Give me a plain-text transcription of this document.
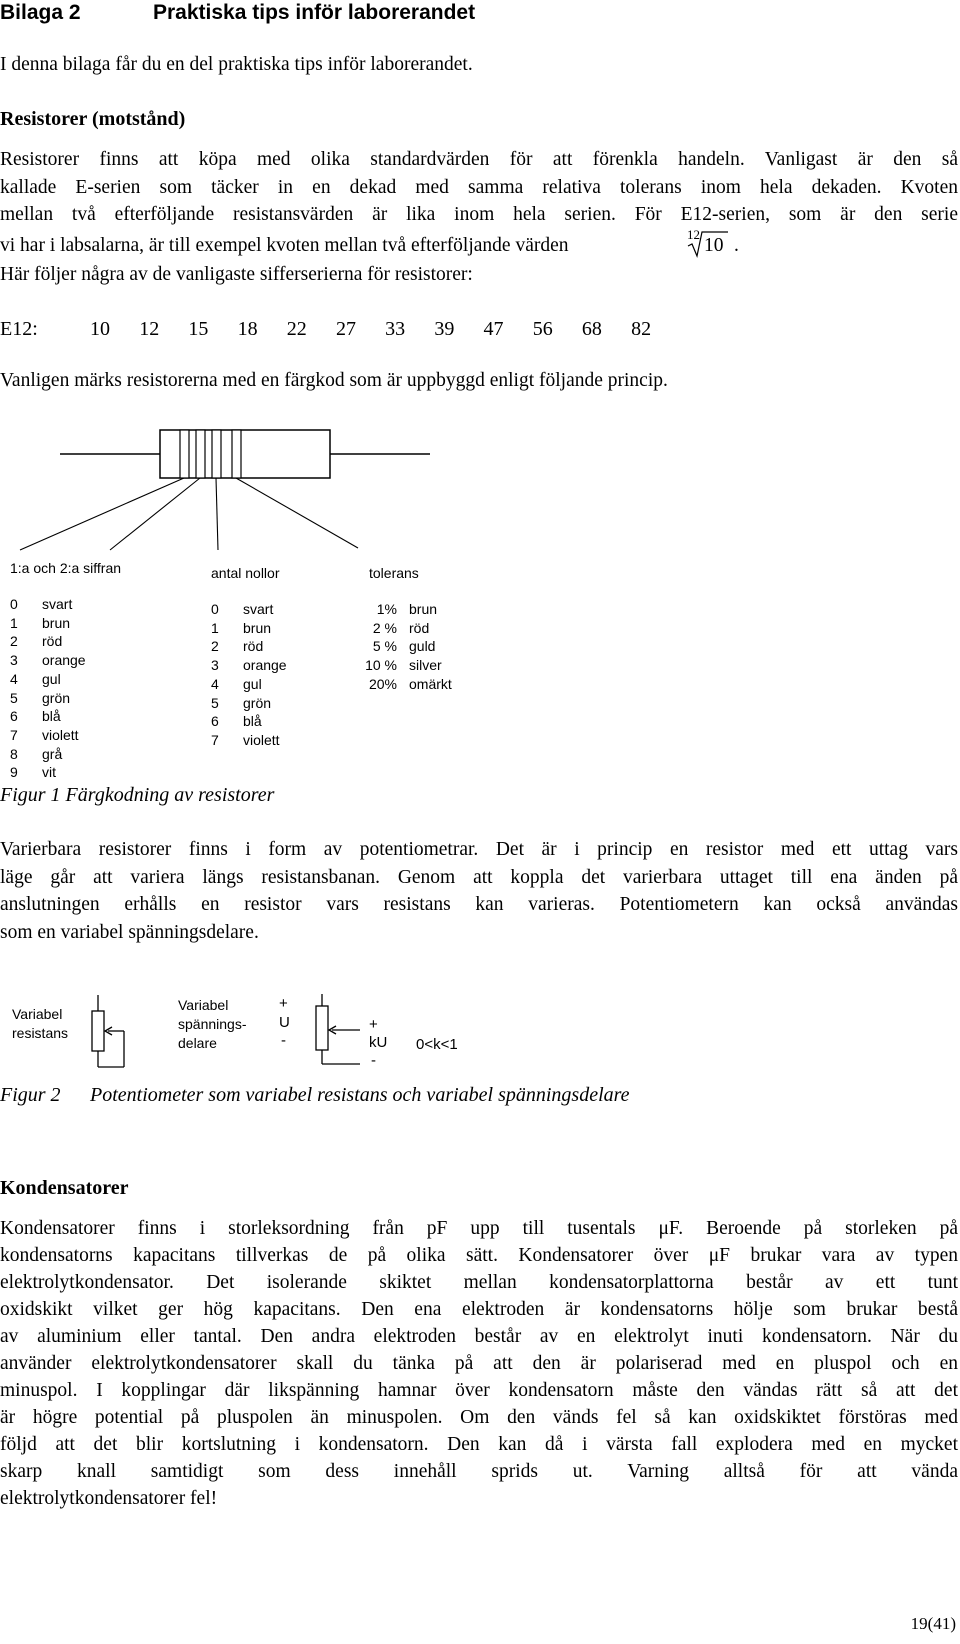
Bilaga 2	Praktiska tips inför laborerandet
I denna bilaga får du en del praktiska tips inför laborerandet.
Resistorer (motstånd)
Resistorer finns att köpa med olika standardvärden för att förenkla handeln. Vanligast är den så
kallade E-serien som täcker in en dekad med samma relativa tolerans inom hela dekaden. Kvoten
mellan två efterföljande resistansvärden är lika inom hela serien. För E12-serien, som är den serie
vi har i labsalarna, är till exempel kvoten mellan två efterföljande värden
12
10 .
Här följer några av de vanligaste sifferserierna för resistorer:
E12:	10 12 15 18 22 27 33 39 47 56 68 82
Vanligen märks resistorerna med en färgkod som är uppbyggd enligt följande princip.
1:a och 2:a siffran	antal nollor	tolerans
0	svart
1	brun
2	röd
3	orange
4	gul
5	grön
6	blå
7	violett
8	grå
9	vit
0	svart
1	brun
2	röd
3	orange
4	gul
5	grön
6	blå
7	violett
1% brun
2 % röd
5 % guld
10 % silver
20% omärkt
Figur 1 Färgkodning av resistorer
Varierbara resistorer finns i form av potentiometrar. Det är i princip en resistor med ett uttag vars
läge går att variera längs resistansbanan. Genom att koppla det varierbara uttaget till ena änden på
anslutningen erhålls en resistor vars resistans kan varieras. Potentiometern kan också användas
som en variabel spänningsdelare.
Variabel
resistans
Variabel
spännings-
delare
+
U
-
+
kU
-
0<k<1
Figur 2 Potentiometer som variabel resistans och variabel spänningsdelare
Kondensatorer
Kondensatorer finns i storleksordning från pF upp till tusentals μF. Beroende på storleken på
kondensatorns kapacitans tillverkas de på olika sätt. Kondensatorer över μF brukar vara av typen
elektrolytkondensator. Det isolerande skiktet mellan kondensatorplattorna består av ett tunt
oxidskikt vilket ger hög kapacitans. Den ena elektroden är kondensatorns hölje som brukar bestå
av aluminium eller tantal. Den andra elektroden består av en elektrolyt inuti kondensatorn. När du
använder elektrolytkondensatorer skall du tänka på att den är polariserad med en pluspol och en
minuspol. I kopplingar där likspänning hamnar över kondensatorn måste den vändas rätt så att det
är högre potential på pluspolen än minuspolen. Om den vänds fel så kan oxidskiktet förstöras med
följd att det blir kortslutning i kondensatorn. Den kan då i värsta fall explodera med en mycket
skarp knall samtidigt som dess innehåll sprids ut. Varning alltså för att vända
elektrolytkondensatorer fel!
19(41)
